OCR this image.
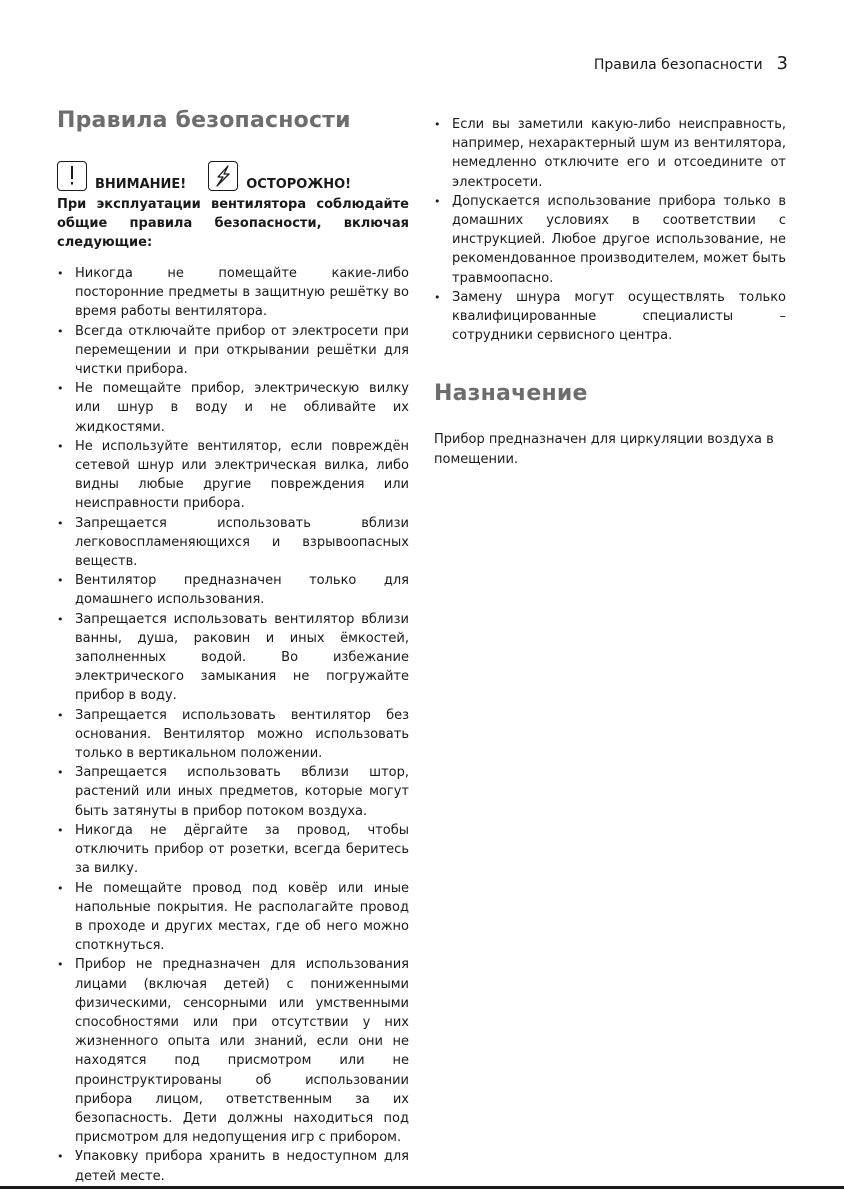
Правила безопасности 3
Правила безопасности
ВНИМАНИЕ!	ОСТОРОЖНО!

При эксплуатации вентилятора соблюдайте общие правила безопасности, включая следующие:

• Никогда не помещайте какие-либо посторонние предметы в защитную решётку во время работы вентилятора.
• Всегда отключайте прибор от электросети при перемещении и при открывании решётки для чистки прибора.
• Не помещайте прибор, электрическую вилку или шнур в воду и не обливайте их жидкостями.
• Не используйте вентилятор, если повреждён сетевой шнур или электрическая вилка, либо видны любые другие повреждения или неисправности прибора.
• Запрещается использовать вблизи легковоспламеняющихся и взрывоопасных веществ.
• Вентилятор предназначен только для домашнего использования.
• Запрещается использовать вентилятор вблизи ванны, душа, раковин и иных ёмкостей, заполненных водой. Во избежание электрического замыкания не погружайте прибор в воду.
• Запрещается использовать вентилятор без основания. Вентилятор можно использовать только в вертикальном положении.
• Запрещается использовать вблизи штор, растений или иных предметов, которые могут быть затянуты в прибор потоком воздуха.
• Никогда не дёргайте за провод, чтобы отключить прибор от розетки, всегда беритесь за вилку.
• Не помещайте провод под ковёр или иные напольные покрытия. Не располагайте провод в проходе и других местах, где об него можно споткнуться.
• Прибор не предназначен для использования лицами (включая детей) с пониженными физическими, сенсорными или умственными способностями или при отсутствии у них жизненного опыта или знаний, если они не находятся под присмотром или не проинструктированы об использовании прибора лицом, ответственным за их безопасность. Дети должны находиться под присмотром для недопущения игр с прибором.
• Упаковку прибора хранить в недоступном для детей месте.
• Если вы заметили какую-либо неисправность, например, нехарактерный шум из вентилятора, немедленно отключите его и отсоедините от электросети.
• Допускается использование прибора только в домашних условиях в соответствии с инструкцией. Любое другое использование, не рекомендованное производителем, может быть травмоопасно.
• Замену шнура могут осуществлять только квалифицированные специалисты – сотрудники сервисного центра.
Назначение

Прибор предназначен для циркуляции воздуха в помещении.
